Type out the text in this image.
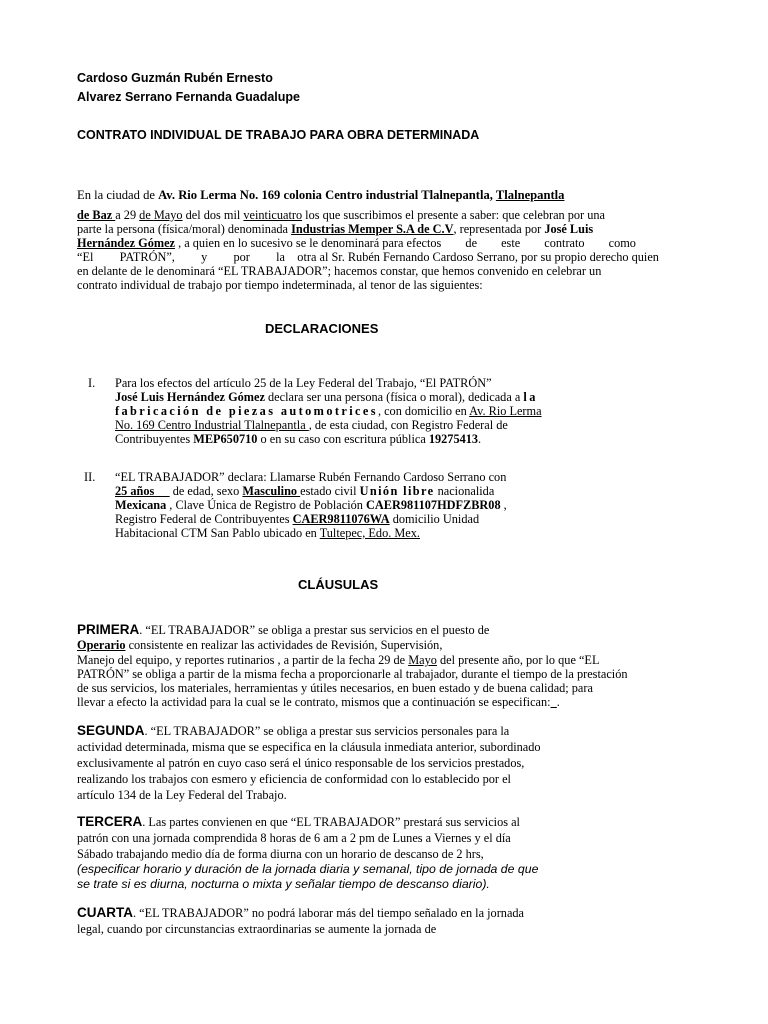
Cardoso Guzmán Rubén Ernesto
Alvarez Serrano Fernanda Guadalupe
CONTRATO INDIVIDUAL DE TRABAJO PARA OBRA DETERMINADA
En la ciudad de Av. Rio Lerma No. 169 colonia Centro industrial Tlalnepantla, Tlalnepantla
de Baz a 29 de Mayo del dos mil veinticuatro los que suscribimos el presente a saber: que celebran por una
parte la persona (física/moral) denominada Industrias Memper S.A de C.V, representada por José Luis
Hernández Gómez , a quien en lo sucesivo se le denominará para efectos de este contrato como
“El PATRÓN”, y por la otra al Sr. Rubén Fernando Cardoso Serrano, por su propio derecho quien
en delante de le denominará “EL TRABAJADOR”; hacemos constar, que hemos convenido en celebrar un
contrato individual de trabajo por tiempo indeterminada, al tenor de las siguientes:
DECLARACIONES
I. Para los efectos del artículo 25 de la Ley Federal del Trabajo, “El PATRÓN”
José Luis Hernández Gómez declara ser una persona (física o moral), dedicada a la
fabricación de piezas automotrices, con domicilio en Av. Rio Lerma
No. 169 Centro Industrial Tlalnepantla , de esta ciudad, con Registro Federal de
Contribuyentes MEP650710 o en su caso con escritura pública 19275413.
II. “EL TRABAJADOR” declara: Llamarse Rubén Fernando Cardoso Serrano con
25 años      de edad, sexo Masculino estado civil Unión libre nacionalida
Mexicana , Clave Única de Registro de Población CAER981107HDFZBR08 ,
Registro Federal de Contribuyentes CAER9811076WA domicilio Unidad
Habitacional CTM San Pablo ubicado en Tultepec, Edo. Mex.
CLÁUSULAS
PRIMERA. “EL TRABAJADOR” se obliga a prestar sus servicios en el puesto de
Operario consistente en realizar las actividades de Revisión, Supervisión,
Manejo del equipo, y reportes rutinarios , a partir de la fecha 29 de Mayo del presente año, por lo que “EL
PATRÓN” se obliga a partir de la misma fecha a proporcionarle al trabajador, durante el tiempo de la prestación
de sus servicios, los materiales, herramientas y útiles necesarios, en buen estado y de buena calidad; para
llevar a efecto la actividad para la cual se le contrato, mismos que a continuación se especifican:_.
SEGUNDA. “EL TRABAJADOR” se obliga a prestar sus servicios personales para la
actividad determinada, misma que se especifica en la cláusula inmediata anterior, subordinado
exclusivamente al patrón en cuyo caso será el único responsable de los servicios prestados,
realizando los trabajos con esmero y eficiencia de conformidad con lo establecido por el
artículo 134 de la Ley Federal del Trabajo.
TERCERA. Las partes convienen en que “EL TRABAJADOR” prestará sus servicios al
patrón con una jornada comprendida 8 horas de 6 am a 2 pm de Lunes a Viernes y el día
Sábado trabajando medio día de forma diurna con un horario de descanso de 2 hrs,
(especificar horario y duración de la jornada diaria y semanal, tipo de jornada de que
se trate si es diurna, nocturna o mixta y señalar tiempo de descanso diario).
CUARTA. “EL TRABAJADOR” no podrá laborar más del tiempo señalado en la jornada
legal, cuando por circunstancias extraordinarias se aumente la jornada de
